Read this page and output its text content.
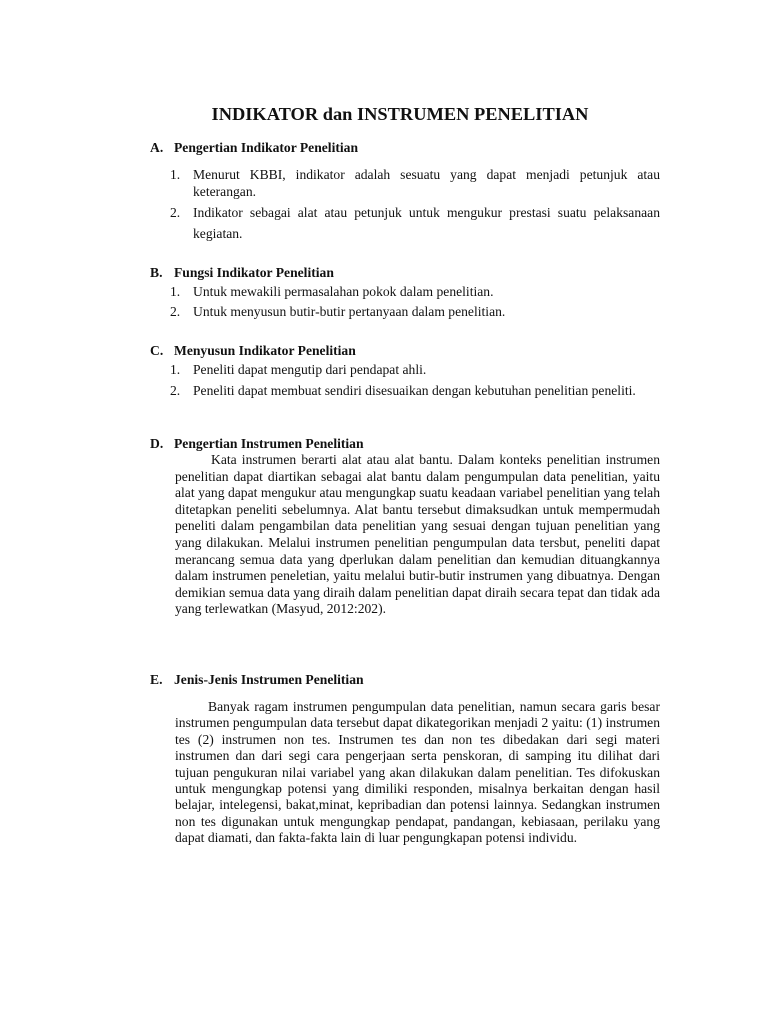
INDIKATOR dan INSTRUMEN PENELITIAN

A. Pengertian Indikator Penelitian

1. Menurut KBBI, indikator adalah sesuatu yang dapat menjadi petunjuk atau keterangan.
2. Indikator sebagai alat atau petunjuk untuk mengukur prestasi suatu pelaksanaan kegiatan.

B. Fungsi Indikator Penelitian

1. Untuk mewakili permasalahan pokok dalam penelitian.
2. Untuk menyusun butir-butir pertanyaan dalam penelitian.

C. Menyusun Indikator Penelitian

1. Peneliti dapat mengutip dari pendapat ahli.
2. Peneliti dapat membuat sendiri disesuaikan dengan kebutuhan penelitian peneliti.

D. Pengertian Instrumen Penelitian

Kata instrumen berarti alat atau alat bantu. Dalam konteks penelitian instrumen penelitian dapat diartikan sebagai alat bantu dalam pengumpulan data penelitian, yaitu alat yang dapat mengukur atau mengungkap suatu keadaan variabel penelitian yang telah ditetapkan peneliti sebelumnya. Alat bantu tersebut dimaksudkan untuk mempermudah peneliti dalam pengambilan data penelitian yang sesuai dengan tujuan penelitian yang yang dilakukan. Melalui instrumen penelitian pengumpulan data tersbut, peneliti dapat merancang semua data yang dperlukan dalam penelitian dan kemudian dituangkannya dalam instrumen peneletian, yaitu melalui butir-butir instrumen yang dibuatnya. Dengan demikian semua data yang diraih dalam penelitian dapat diraih secara tepat dan tidak ada yang terlewatkan (Masyud, 2012:202).

E. Jenis-Jenis Instrumen Penelitian

Banyak ragam instrumen pengumpulan data penelitian, namun secara garis besar instrumen pengumpulan data tersebut dapat dikategorikan menjadi 2 yaitu: (1) instrumen tes (2) instrumen non tes. Instrumen tes dan non tes dibedakan dari segi materi instrumen dan dari segi cara pengerjaan serta penskoran, di samping itu dilihat dari tujuan pengukuran nilai variabel yang akan dilakukan dalam penelitian. Tes difokuskan untuk mengungkap potensi yang dimiliki responden, misalnya berkaitan dengan hasil belajar, intelegensi, bakat,minat, kepribadian dan potensi lainnya. Sedangkan instrumen non tes digunakan untuk mengungkap pendapat, pandangan, kebiasaan, perilaku yang dapat diamati, dan fakta-fakta lain di luar pengungkapan potensi individu.
